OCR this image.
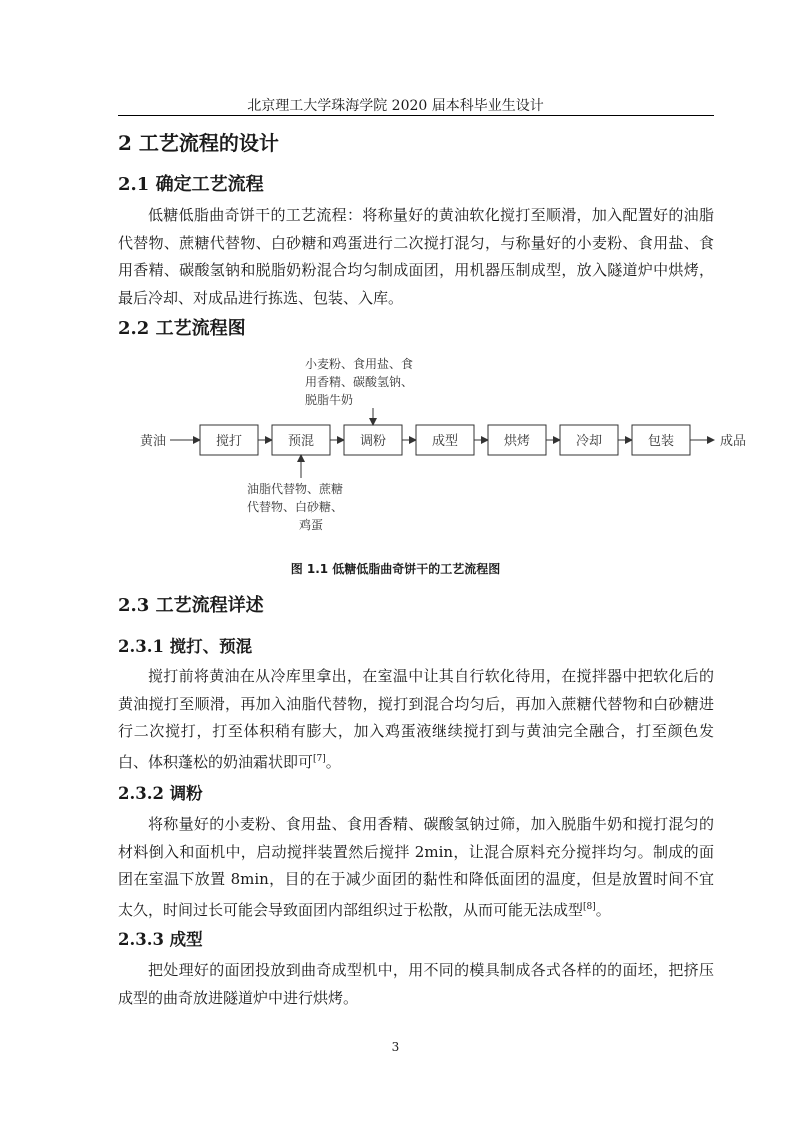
北京理工大学珠海学院 2020 届本科毕业生设计
2 工艺流程的设计
2.1 确定工艺流程
低糖低脂曲奇饼干的工艺流程：将称量好的黄油软化搅打至顺滑，加入配置好的油脂代替物、蔗糖代替物、白砂糖和鸡蛋进行二次搅打混匀，与称量好的小麦粉、食用盐、食用香精、碳酸氢钠和脱脂奶粉混合均匀制成面团，用机器压制成型，放入隧道炉中烘烤，最后冷却、对成品进行拣选、包装、入库。
2.2 工艺流程图
黄油	搅打	预混	调粉	成型	烘烤	冷却	包装	成品
小麦粉、食用盐、食
用香精、碳酸氢钠、
脱脂牛奶
油脂代替物、蔗糖
代替物、白砂糖、
鸡蛋
图 1.1 低糖低脂曲奇饼干的工艺流程图
2.3 工艺流程详述
2.3.1 搅打、预混
搅打前将黄油在从冷库里拿出，在室温中让其自行软化待用，在搅拌器中把软化后的黄油搅打至顺滑，再加入油脂代替物，搅打到混合均匀后，再加入蔗糖代替物和白砂糖进行二次搅打，打至体积稍有膨大，加入鸡蛋液继续搅打到与黄油完全融合，打至颜色发白、体积蓬松的奶油霜状即可[7]。
2.3.2 调粉
将称量好的小麦粉、食用盐、食用香精、碳酸氢钠过筛，加入脱脂牛奶和搅打混匀的材料倒入和面机中，启动搅拌装置然后搅拌 2min，让混合原料充分搅拌均匀。制成的面团在室温下放置 8min，目的在于减少面团的黏性和降低面团的温度，但是放置时间不宜太久，时间过长可能会导致面团内部组织过于松散，从而可能无法成型[8]。
2.3.3 成型
把处理好的面团投放到曲奇成型机中，用不同的模具制成各式各样的的面坯，把挤压成型的曲奇放进隧道炉中进行烘烤。
3
